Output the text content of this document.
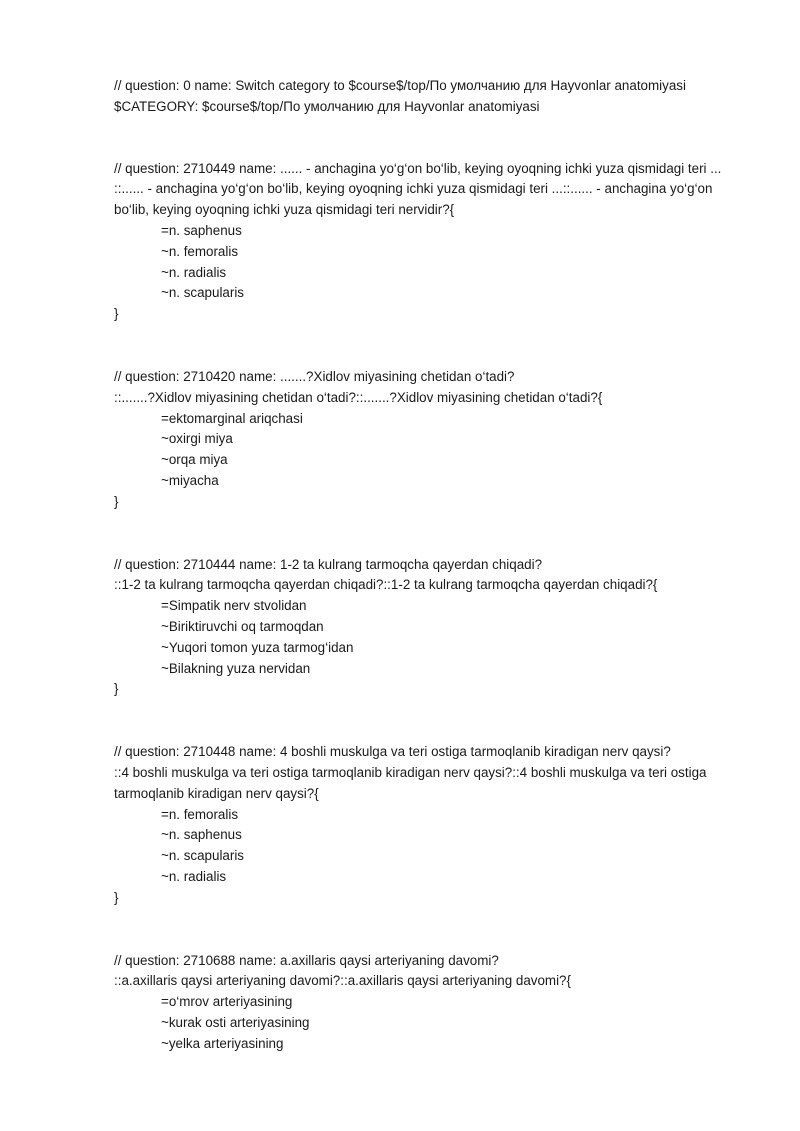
// question: 0 name: Switch category to $course$/top/По умолчанию для Hayvonlar anatomiyasi
$CATEGORY: $course$/top/По умолчанию для Hayvonlar anatomiyasi
// question: 2710449 name: ...... - anchagina yo‘g‘on bo‘lib, keying oyoqning ichki yuza qismidagi teri ...
::...... - anchagina yo‘g‘on bo‘lib, keying oyoqning ichki yuza qismidagi teri ...::...... - anchagina yo‘g‘on bo‘lib, keying oyoqning ichki yuza qismidagi teri nervidir?{
=n. saphenus
~n. femoralis
~n. radialis
~n. scapularis
}
// question: 2710420 name: .......?Xidlov miyasining chetidan o‘tadi?
::.......?Xidlov miyasining chetidan o‘tadi?::.......?Xidlov miyasining chetidan o‘tadi?{
=ektomarginal ariqchasi
~oxirgi miya
~orqa miya
~miyacha
}
// question: 2710444 name: 1-2 ta kulrang tarmoqcha qayerdan chiqadi?
::1-2 ta kulrang tarmoqcha qayerdan chiqadi?::1-2 ta kulrang tarmoqcha qayerdan chiqadi?{
=Simpatik nerv stvolidan
~Biriktiruvchi oq tarmoqdan
~Yuqori tomon yuza tarmog‘idan
~Bilakning yuza nervidan
}
// question: 2710448 name: 4 boshli muskulga va teri ostiga tarmoqlanib kiradigan nerv qaysi?
::4 boshli muskulga va teri ostiga tarmoqlanib kiradigan nerv qaysi?::4 boshli muskulga va teri ostiga tarmoqlanib kiradigan nerv qaysi?{
=n. femoralis
~n. saphenus
~n. scapularis
~n. radialis
}
// question: 2710688 name: a.axillaris qaysi arteriyaning davomi?
::a.axillaris qaysi arteriyaning davomi?::a.axillaris qaysi arteriyaning davomi?{
=o‘mrov arteriyasining
~kurak osti arteriyasining
~yelka arteriyasining
